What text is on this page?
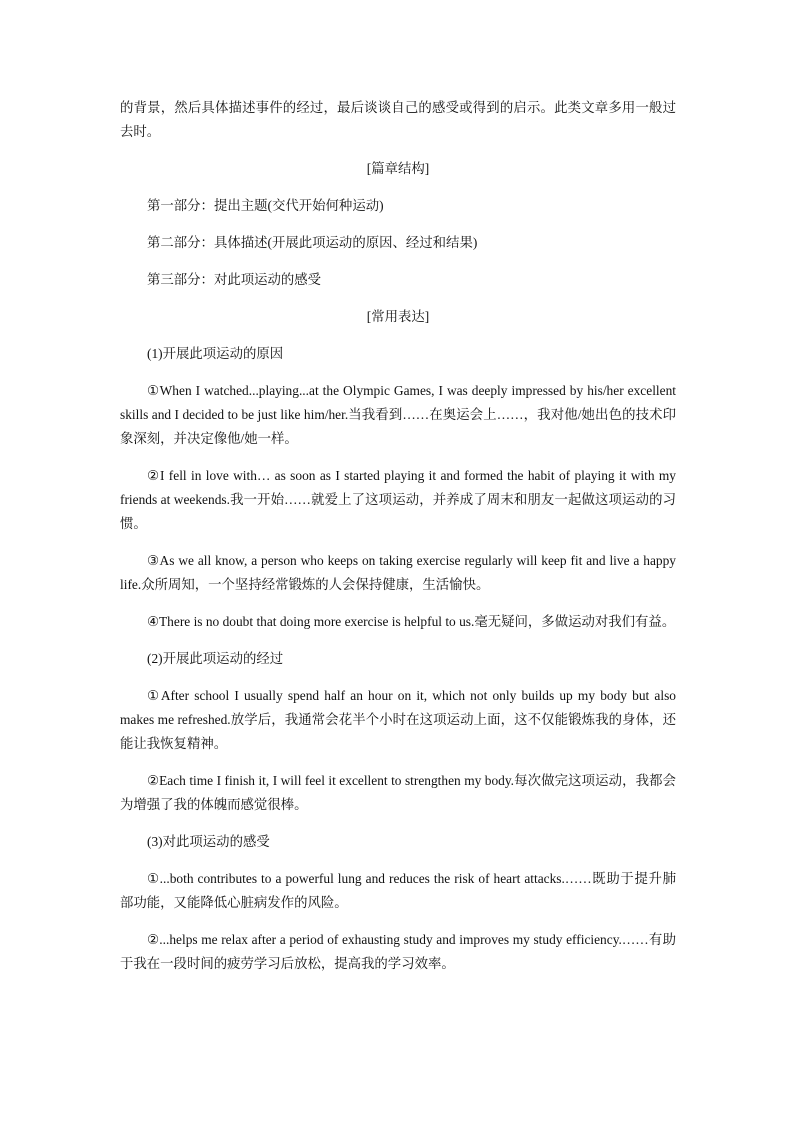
的背景，然后具体描述事件的经过，最后谈谈自己的感受或得到的启示。此类文章多用一般过去时。

[篇章结构]

第一部分：提出主题(交代开始何种运动)

第二部分：具体描述(开展此项运动的原因、经过和结果)

第三部分：对此项运动的感受

[常用表达]

(1)开展此项运动的原因

①When I watched...playing...at the Olympic Games, I was deeply impressed by his/her excellent skills and I decided to be just like him/her.当我看到……在奥运会上……，我对他/她出色的技术印象深刻，并决定像他/她一样。

②I fell in love with… as soon as I started playing it and formed the habit of playing it with my friends at weekends.我一开始……就爱上了这项运动，并养成了周末和朋友一起做这项运动的习惯。

③As we all know, a person who keeps on taking exercise regularly will keep fit and live a happy life.众所周知，一个坚持经常锻炼的人会保持健康，生活愉快。

④There is no doubt that doing more exercise is helpful to us.毫无疑问，多做运动对我们有益。

(2)开展此项运动的经过

①After school I usually spend half an hour on it, which not only builds up my body but also makes me refreshed.放学后，我通常会花半个小时在这项运动上面，这不仅能锻炼我的身体，还能让我恢复精神。

②Each time I finish it, I will feel it excellent to strengthen my body.每次做完这项运动，我都会为增强了我的体魄而感觉很棒。

(3)对此项运动的感受

①...both contributes to a powerful lung and reduces the risk of heart attacks.……既助于提升肺部功能，又能降低心脏病发作的风险。

②...helps me relax after a period of exhausting study and improves my study efficiency.……有助于我在一段时间的疲劳学习后放松，提高我的学习效率。
